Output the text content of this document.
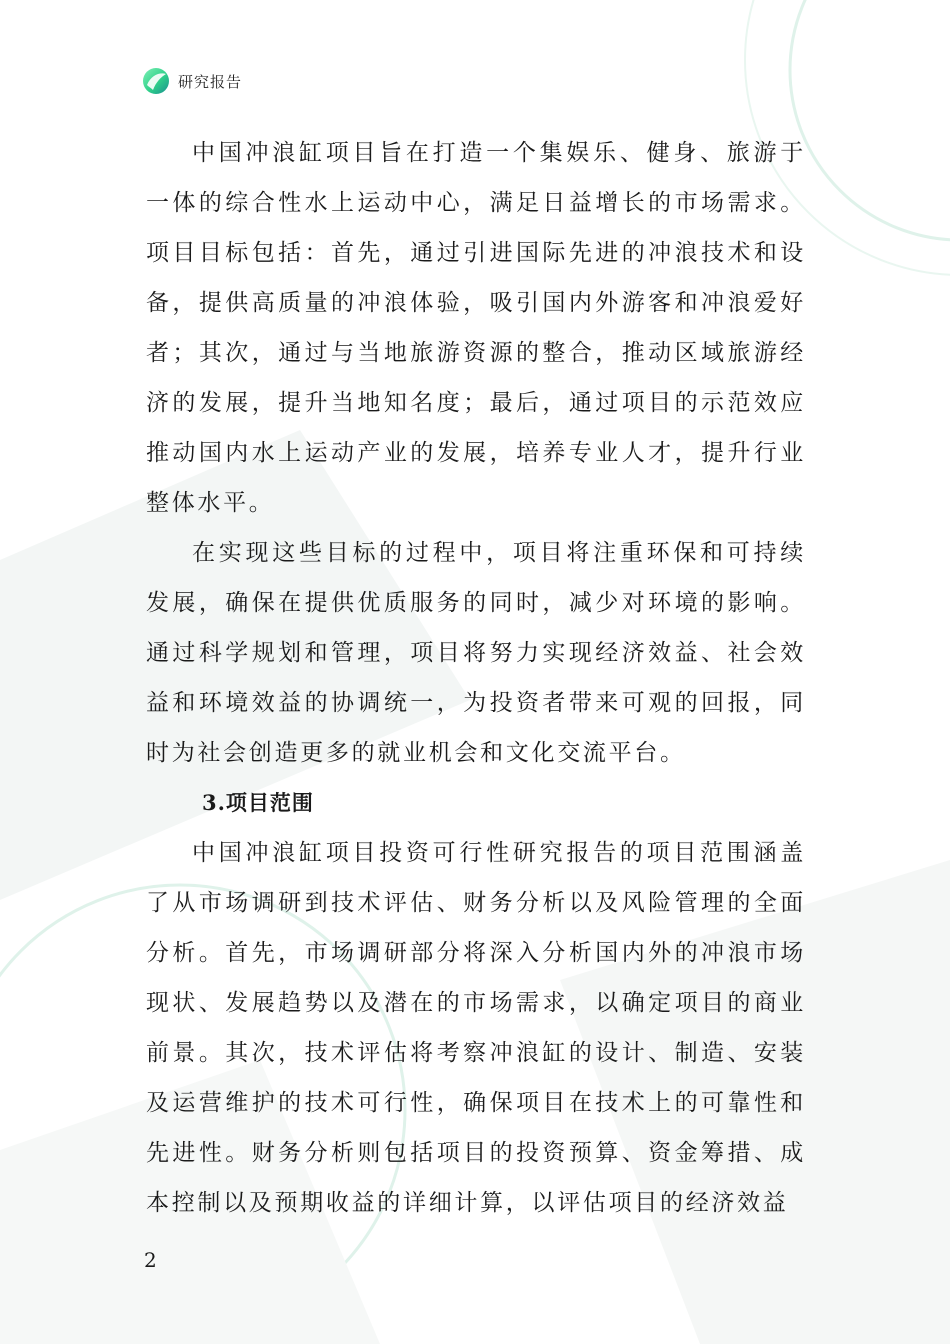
研究报告

中国冲浪缸项目旨在打造一个集娱乐、健身、旅游于一体的综合性水上运动中心，满足日益增长的市场需求。项目目标包括：首先，通过引进国际先进的冲浪技术和设备，提供高质量的冲浪体验，吸引国内外游客和冲浪爱好者；其次，通过与当地旅游资源的整合，推动区域旅游经济的发展，提升当地知名度；最后，通过项目的示范效应推动国内水上运动产业的发展，培养专业人才，提升行业整体水平。

在实现这些目标的过程中，项目将注重环保和可持续发展，确保在提供优质服务的同时，减少对环境的影响。通过科学规划和管理，项目将努力实现经济效益、社会效益和环境效益的协调统一，为投资者带来可观的回报，同时为社会创造更多的就业机会和文化交流平台。

3.项目范围

中国冲浪缸项目投资可行性研究报告的项目范围涵盖了从市场调研到技术评估、财务分析以及风险管理的全面分析。首先，市场调研部分将深入分析国内外的冲浪市场现状、发展趋势以及潜在的市场需求，以确定项目的商业前景。其次，技术评估将考察冲浪缸的设计、制造、安装及运营维护的技术可行性，确保项目在技术上的可靠性和先进性。财务分析则包括项目的投资预算、资金筹措、成本控制以及预期收益的详细计算，以评估项目的经济效益

2
